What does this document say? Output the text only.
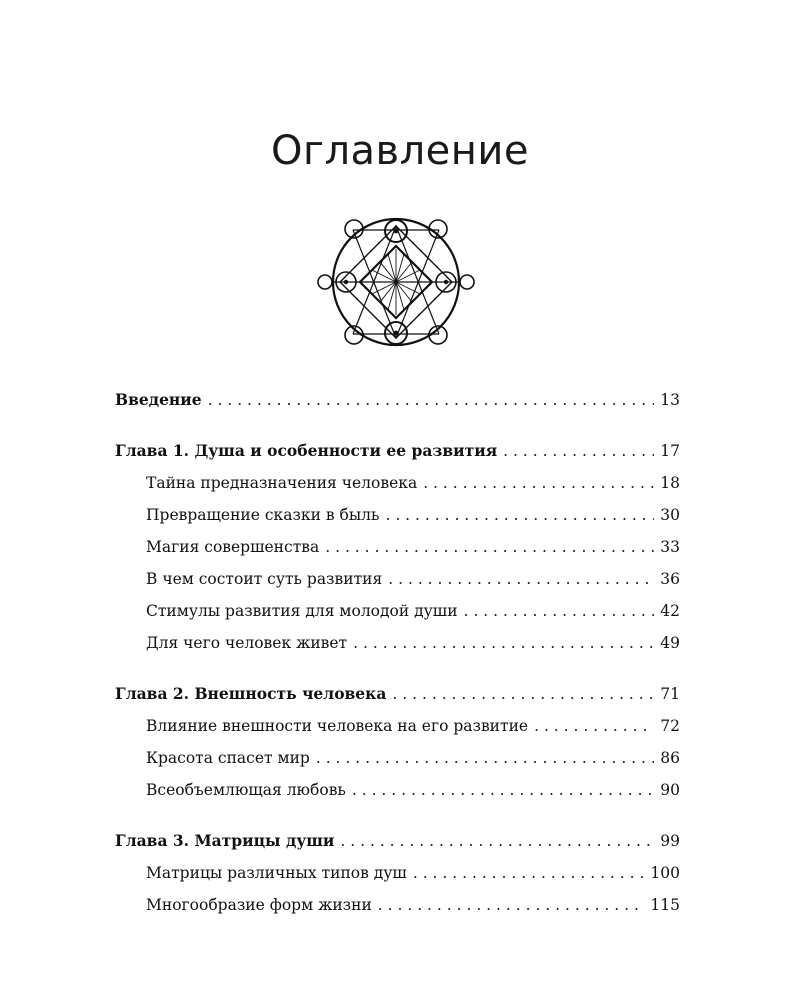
Оглавление
Введение . . .	13
Глава 1. Душа и особенности ее развития . . .	17
Тайна предназначения человека . . .	18
Превращение сказки в быль . . .	30
Магия совершенства . . .	33
В чем состоит суть развития . . .	36
Стимулы развития для молодой души . . .	42
Для чего человек живет . . .	49
Глава 2. Внешность человека . . .	71
Влияние внешности человека на его развитие . . .	72
Красота спасет мир . . .	86
Всеобъемлющая любовь . . .	90
Глава 3. Матрицы души . . .	99
Матрицы различных типов душ . . .	100
Многообразие форм жизни . . .	115
